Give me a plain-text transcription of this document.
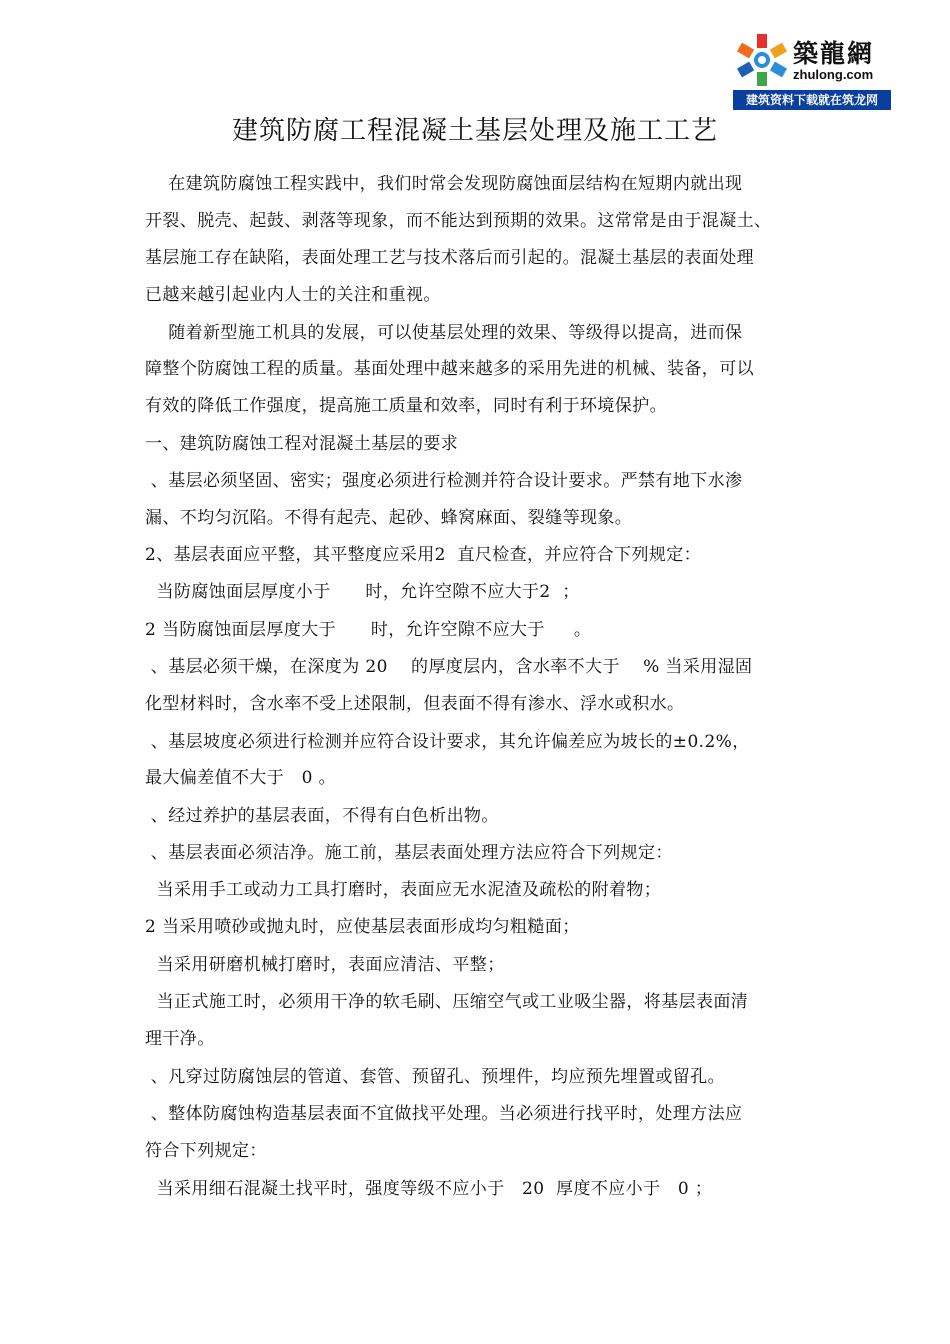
築龍網
zhulong.com
建筑资料下载就在筑龙网
建筑防腐工程混凝土基层处理及施工工艺
在建筑防腐蚀工程实践中，我们时常会发现防腐蚀面层结构在短期内就出现
开裂、脱壳、起鼓、剥落等现象，而不能达到预期的效果。这常常是由于混凝土、
基层施工存在缺陷，表面处理工艺与技术落后而引起的。混凝土基层的表面处理
已越来越引起业内人士的关注和重视。
随着新型施工机具的发展，可以使基层处理的效果、等级得以提高，进而保
障整个防腐蚀工程的质量。基面处理中越来越多的采用先进的机械、装备，可以
有效的降低工作强度，提高施工质量和效率，同时有利于环境保护。
一、建筑防腐蚀工程对混凝土基层的要求
、基层必须坚固、密实；强度必须进行检测并符合设计要求。严禁有地下水渗
漏、不均匀沉陷。不得有起壳、起砂、蜂窝麻面、裂缝等现象。
2、基层表面应平整，其平整度应采用2  直尺检查，并应符合下列规定：
当防腐蚀面层厚度小于      时，允许空隙不应大于2  ；
2 当防腐蚀面层厚度大于      时，允许空隙不应大于     。
、基层必须干燥，在深度为 20    的厚度层内，含水率不大于    % 当采用湿固
化型材料时，含水率不受上述限制，但表面不得有渗水、浮水或积水。
、基层坡度必须进行检测并应符合设计要求，其允许偏差应为坡长的±0.2%，
最大偏差值不大于   0 。
、经过养护的基层表面，不得有白色析出物。
、基层表面必须洁净。施工前，基层表面处理方法应符合下列规定：
当采用手工或动力工具打磨时，表面应无水泥渣及疏松的附着物；
2 当采用喷砂或抛丸时，应使基层表面形成均匀粗糙面；
当采用研磨机械打磨时，表面应清洁、平整；
当正式施工时，必须用干净的软毛刷、压缩空气或工业吸尘器，将基层表面清
理干净。
、凡穿过防腐蚀层的管道、套管、预留孔、预埋件，均应预先埋置或留孔。
、整体防腐蚀构造基层表面不宜做找平处理。当必须进行找平时，处理方法应
符合下列规定：
当采用细石混凝土找平时，强度等级不应小于   20  厚度不应小于   0 ；
